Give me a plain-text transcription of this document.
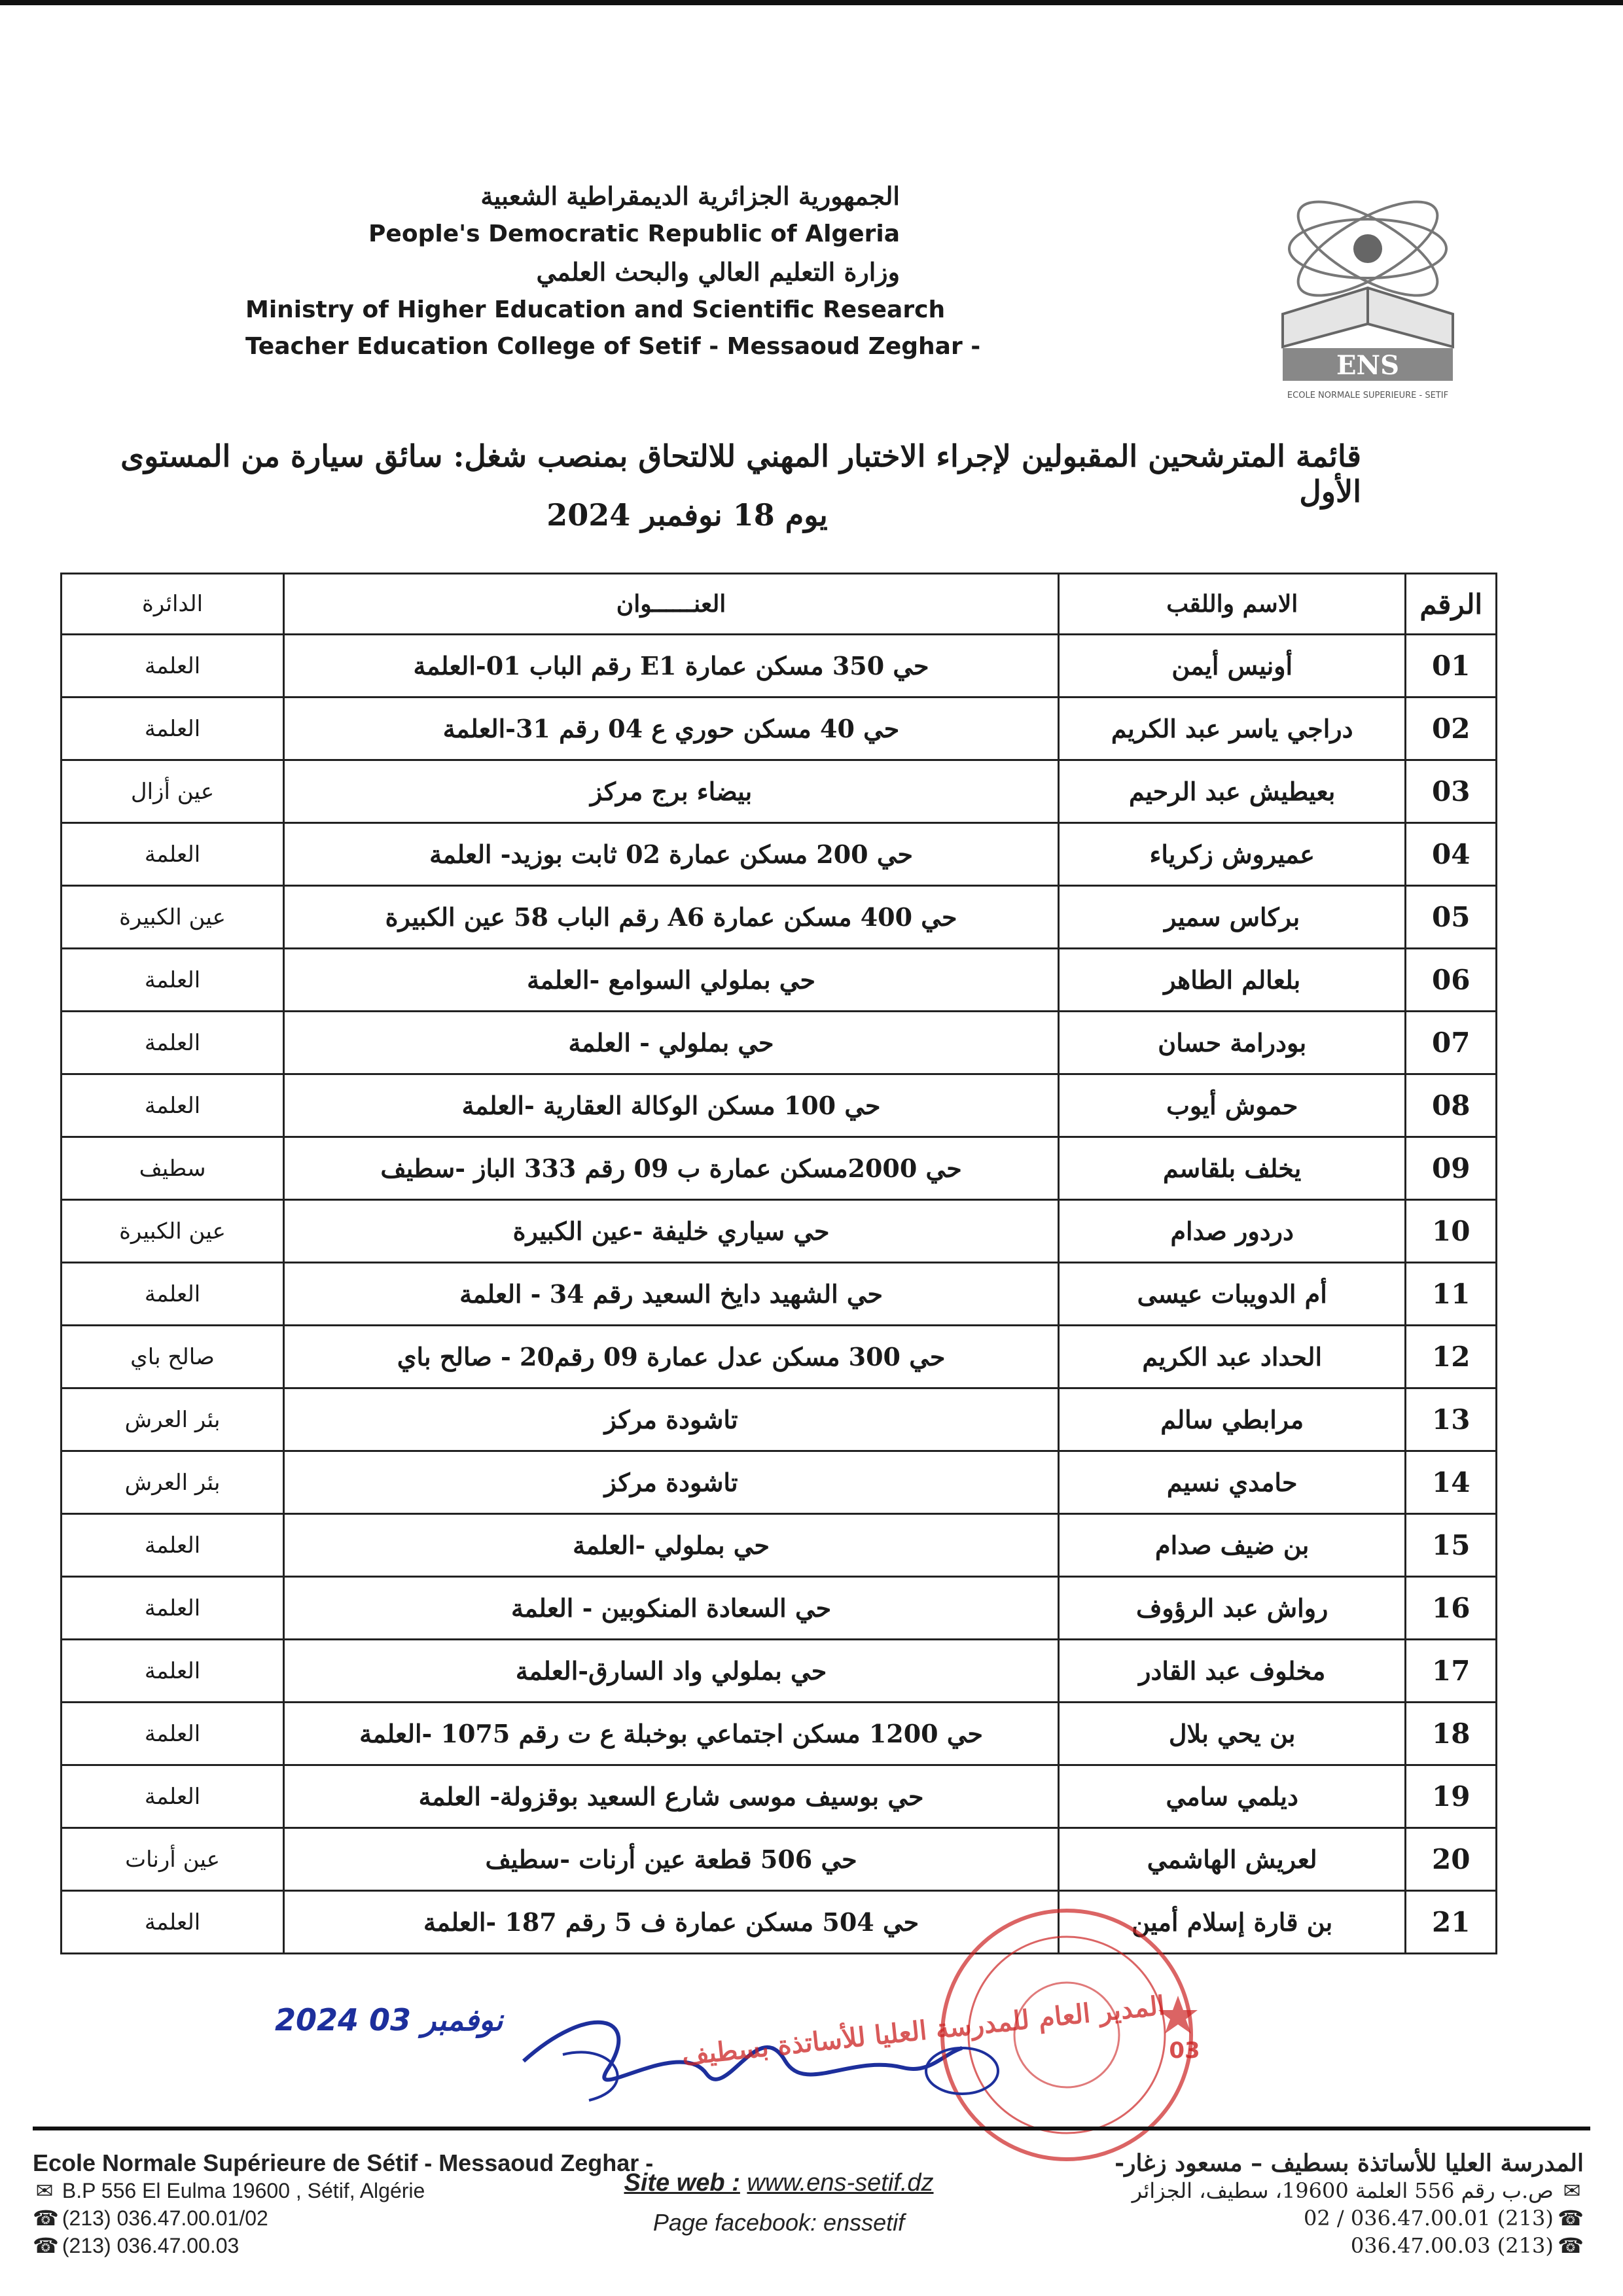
الجمهورية الجزائرية الديمقراطية الشعبية
People's Democratic Republic of Algeria
وزارة التعليم العالي والبحث العلمي
Ministry of Higher Education and Scientific Research
Teacher Education College of Setif - Messaoud Zeghar -
ENS
ECOLE NORMALE SUPERIEURE - SETIF
قائمة المترشحين المقبولين لإجراء الاختبار المهني للالتحاق بمنصب شغل: سائق سيارة من المستوى الأول
يوم 18 نوفمبر 2024
الرقم	الاسم واللقب	العنــــــوان	الدائرة
01	أونيس أيمن	حي 350 مسكن عمارة E1 رقم الباب 01-العلمة	العلمة
02	دراجي ياسر عبد الكريم	حي 40 مسكن حوري ع 04 رقم 31-العلمة	العلمة
03	بعيطيش عبد الرحيم	بيضاء برج مركز	عين أزال
04	عميروش زكرياء	حي 200 مسكن عمارة 02 ثابت بوزيد- العلمة	العلمة
05	بركاس سمير	حي 400 مسكن عمارة A6 رقم الباب 58 عين الكبيرة	عين الكبيرة
06	بلعالم الطاهر	حي بملولي السوامع -العلمة	العلمة
07	بودرامة حسان	حي بملولي - العلمة	العلمة
08	حموش أيوب	حي 100 مسكن الوكالة العقارية -العلمة	العلمة
09	يخلف بلقاسم	حي 2000مسكن عمارة ب 09 رقم 333 الباز -سطيف	سطيف
10	دردور صدام	حي سياري خليفة -عين الكبيرة	عين الكبيرة
11	أم الدويبات عيسى	حي الشهيد دايخ السعيد رقم 34 - العلمة	العلمة
12	الحداد عبد الكريم	حي 300 مسكن عدل عمارة 09 رقم20 - صالح باي	صالح باي
13	مرابطي سالم	تاشودة مركز	بئر العرش
14	حامدي نسيم	تاشودة مركز	بئر العرش
15	بن ضيف صدام	حي بملولي -العلمة	العلمة
16	رواش عبد الرؤوف	حي السعادة المنكوبين - العلمة	العلمة
17	مخلوف عبد القادر	حي بملولي واد السارق-العلمة	العلمة
18	بن يحي بلال	حي 1200 مسكن اجتماعي بوخبلة ع ت رقم 1075 -العلمة	العلمة
19	ديلمي سامي	حي بوسيف موسى شارع السعيد بوقزولة- العلمة	العلمة
20	لعريش الهاشمي	حي 506 قطعة عين أرنات -سطيف	عين أرنات
21	بن قارة إسلام أمين	حي 504 مسكن عمارة ف 5 رقم 187 -العلمة	العلمة
2024 نوفمبر 03
03
المدير العام للمدرسة العليا للأساتذة بسطيف
Ecole Normale Supérieure de Sétif - Messaoud Zeghar -
✉ B.P 556 El Eulma 19600 , Sétif, Algérie
☎ (213) 036.47.00.01/02
☎ (213) 036.47.00.03
Site web : www.ens-setif.dz
Page facebook: enssetif
المدرسة العليا للأساتذة بسطيف – مسعود زغار-
✉ ص.ب رقم 556 العلمة 19600، سطيف، الجزائر
☎ (213) 036.47.00.01 / 02
☎ (213) 036.47.00.03
